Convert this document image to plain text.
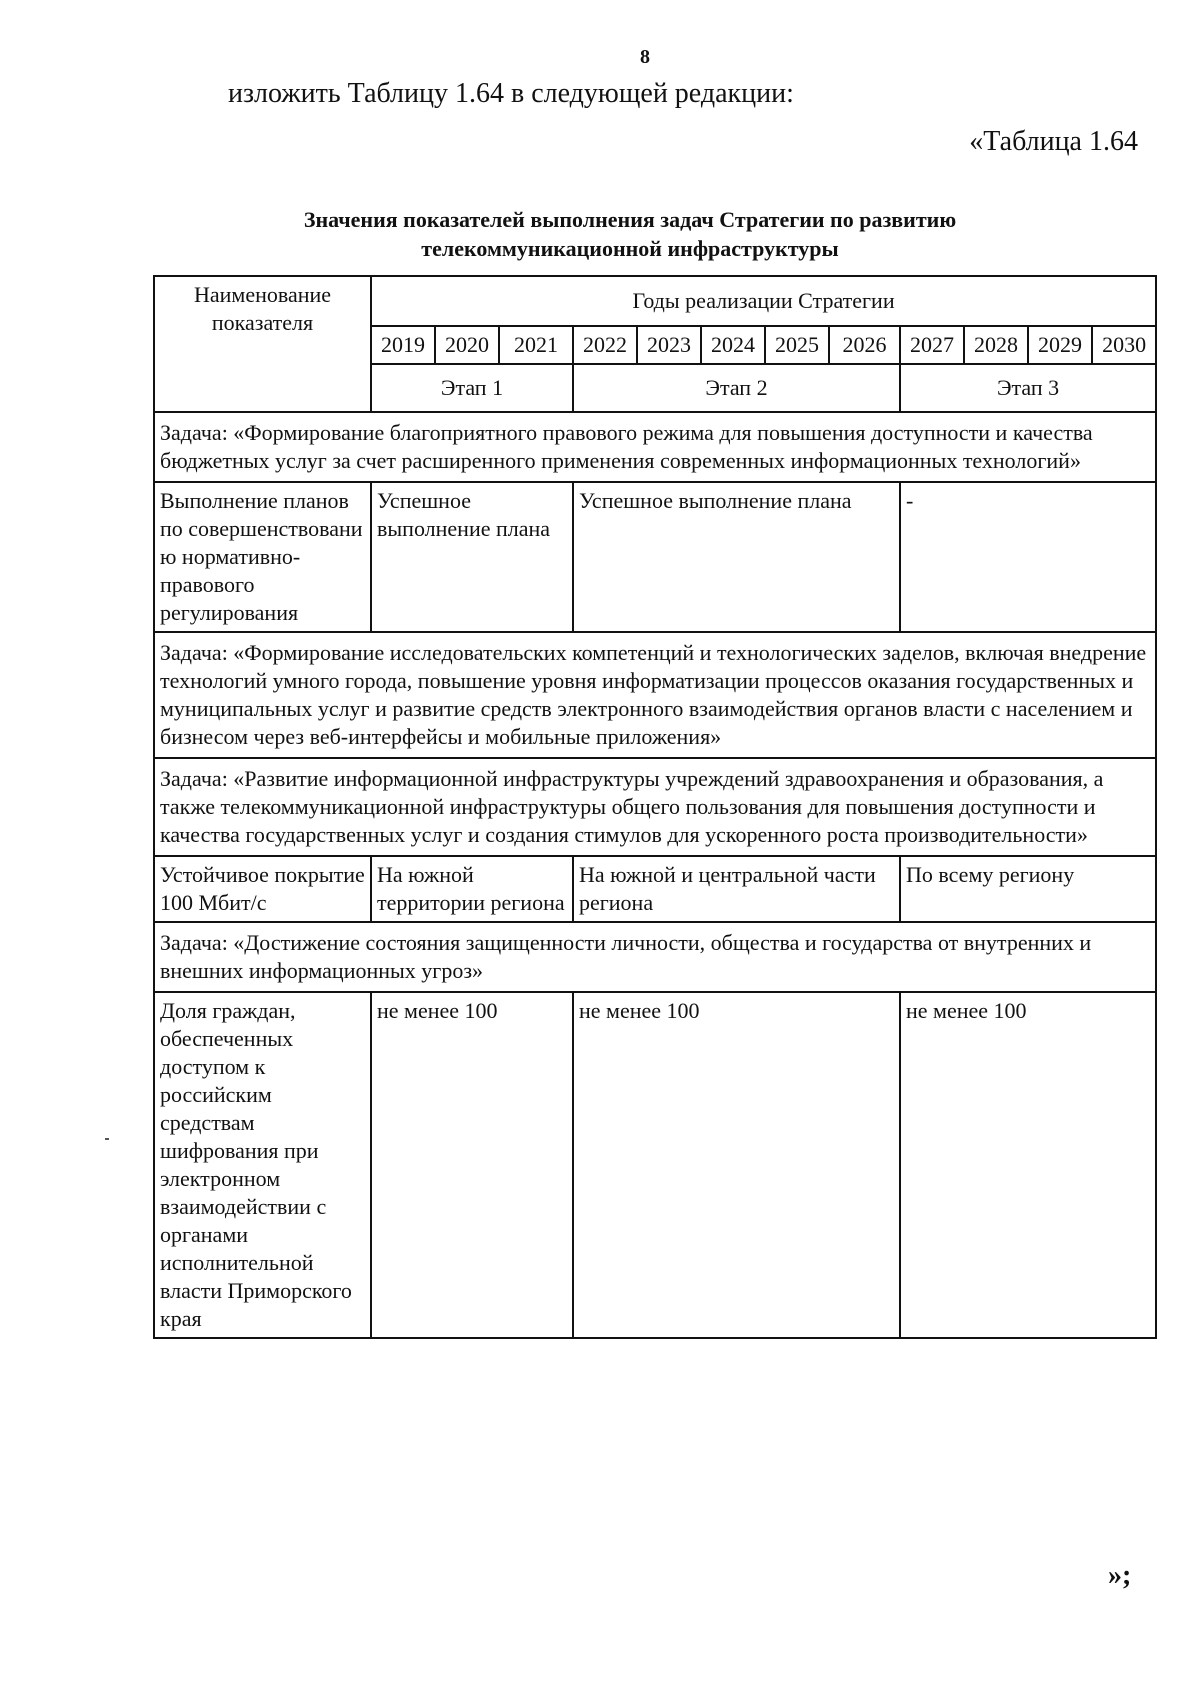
8
изложить Таблицу 1.64 в следующей редакции:
«Таблица 1.64
Значения показателей выполнения задач Стратегии по развитию
телекоммуникационной инфраструктуры
Наименование показателя	Годы реализации Стратегии											
	2019	2020	2021	2022	2023	2024	2025	2026	2027	2028	2029	2030
	Этап 1			Этап 2					Этап 3			
Задача: «Формирование благоприятного правового режима для повышения доступности и качества бюджетных услуг за счет расширенного применения современных информационных технологий»												
Выполнение планов по совершенствовани ю нормативно-правового регулирования	Успешное выполнение плана			Успешное выполнение плана					-			
Задача: «Формирование исследовательских компетенций и технологических заделов, включая внедрение технологий умного города, повышение уровня информатизации процессов оказания государственных и муниципальных услуг и развитие средств электронного взаимодействия органов власти с населением и бизнесом через веб-интерфейсы и мобильные приложения»												
Задача: «Развитие информационной инфраструктуры учреждений здравоохранения и образования, а также телекоммуникационной инфраструктуры общего пользования для повышения доступности и качества государственных услуг и создания стимулов для ускоренного роста производительности»												
Устойчивое покрытие 100 Мбит/с	На южной территории региона			На южной и центральной части региона					По всему региону			
Задача: «Достижение состояния защищенности личности, общества и государства от внутренних и внешних информационных угроз»												
Доля граждан, обеспеченных доступом к российским средствам шифрования при электронном взаимодействии с органами исполнительной власти Приморского края	не менее 100			не менее 100					не менее 100			
»;
